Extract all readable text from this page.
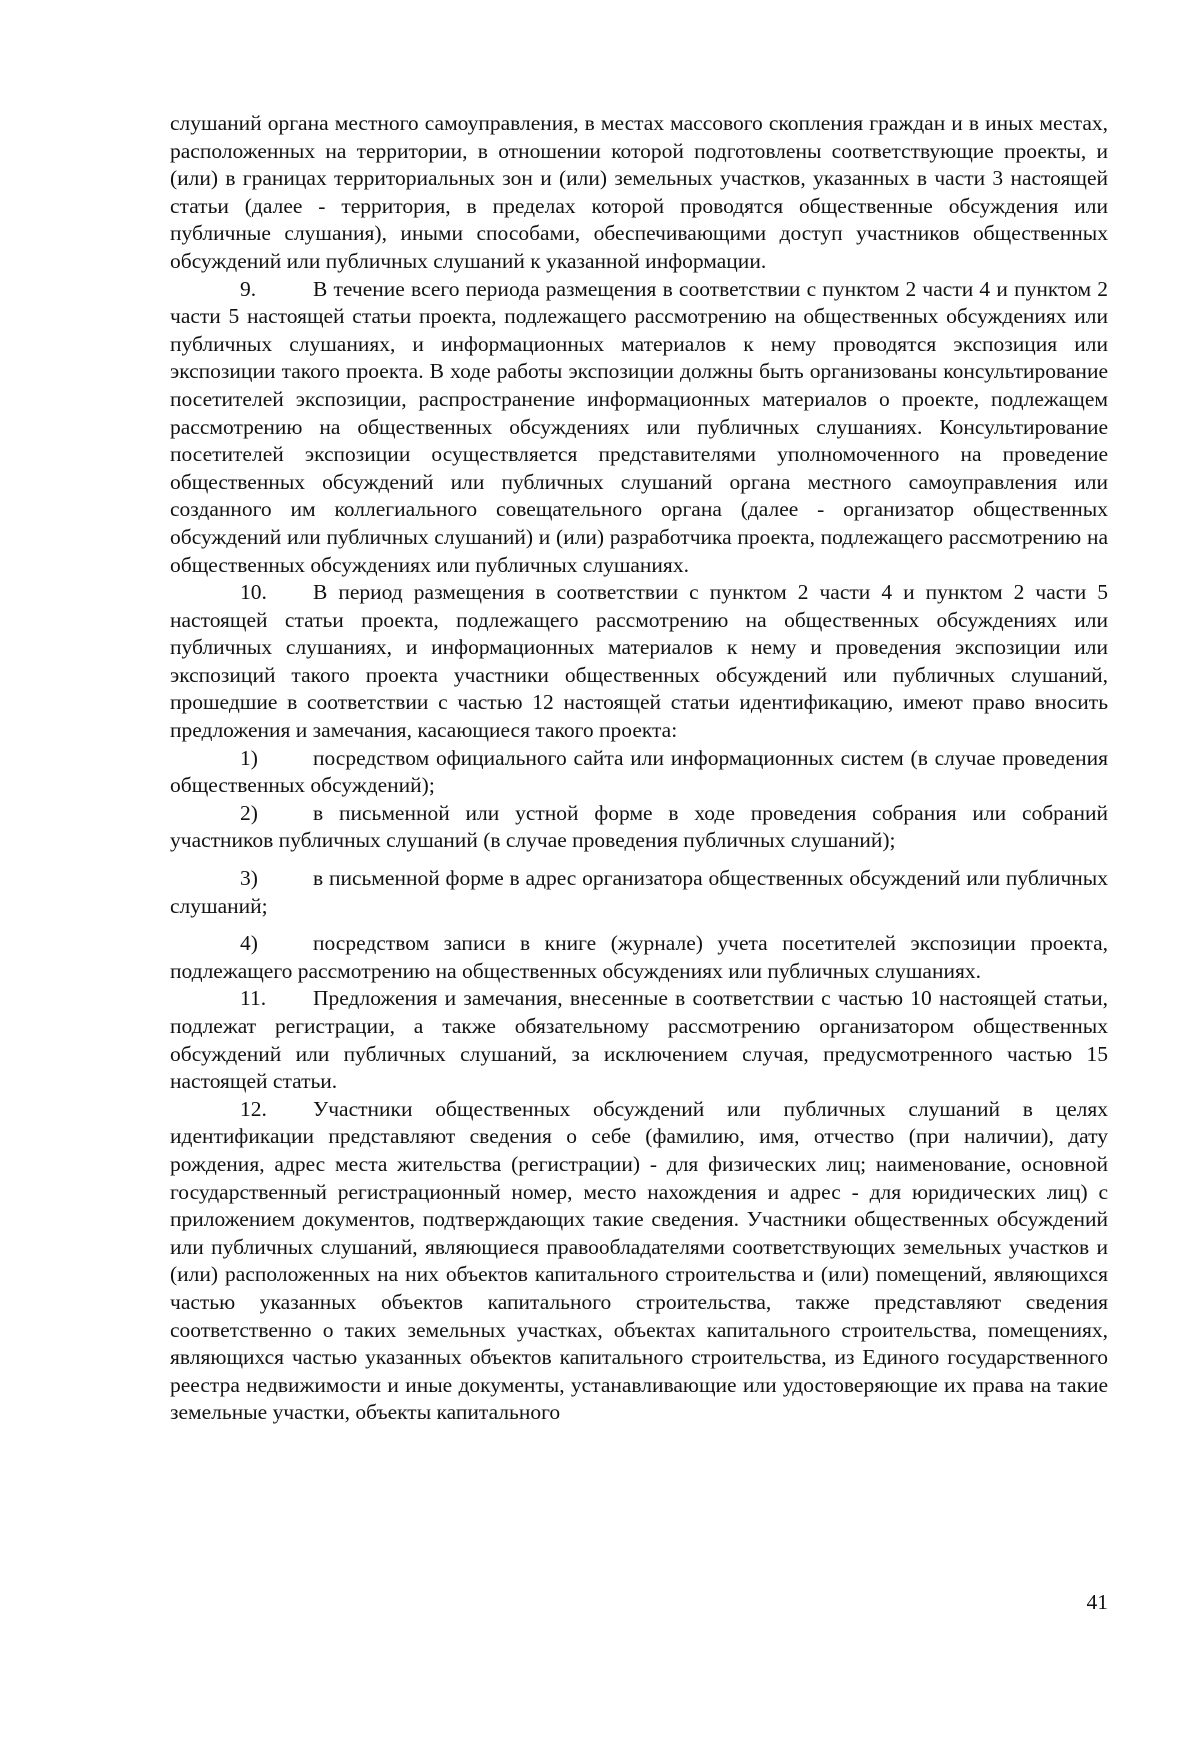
слушаний органа местного самоуправления, в местах массового скопления граждан и в иных местах, расположенных на территории, в отношении которой подготовлены соответствующие проекты, и (или) в границах территориальных зон и (или) земельных участков, указанных в части 3 настоящей статьи (далее - территория, в пределах которой проводятся общественные обсуждения или публичные слушания), иными способами, обеспечивающими доступ участников общественных обсуждений или публичных слушаний к указанной информации.

9.	В течение всего периода размещения в соответствии с пунктом 2 части 4 и пунктом 2 части 5 настоящей статьи проекта, подлежащего рассмотрению на общественных обсуждениях или публичных слушаниях, и информационных материалов к нему проводятся экспозиция или экспозиции такого проекта. В ходе работы экспозиции должны быть организованы консультирование посетителей экспозиции, распространение информационных материалов о проекте, подлежащем рассмотрению на общественных обсуждениях или публичных слушаниях. Консультирование посетителей экспозиции осуществляется представителями уполномоченного на проведение общественных обсуждений или публичных слушаний органа местного самоуправления или созданного им коллегиального совещательного органа (далее - организатор общественных обсуждений или публичных слушаний) и (или) разработчика проекта, подлежащего рассмотрению на общественных обсуждениях или публичных слушаниях.

10. В период размещения в соответствии с пунктом 2 части 4 и пунктом 2 части 5 настоящей статьи проекта, подлежащего рассмотрению на общественных обсуждениях или публичных слушаниях, и информационных материалов к нему и проведения экспозиции или экспозиций такого проекта участники общественных обсуждений или публичных слушаний, прошедшие в соответствии с частью 12 настоящей статьи идентификацию, имеют право вносить предложения и замечания, касающиеся такого проекта:

1)	посредством официального сайта или информационных систем (в случае проведения общественных обсуждений);

2)	в письменной или устной форме в ходе проведения собрания или собраний участников публичных слушаний (в случае проведения публичных слушаний);

3)	в письменной форме в адрес организатора общественных обсуждений или публичных слушаний;

4)	посредством записи в книге (журнале) учета посетителей экспозиции проекта, подлежащего рассмотрению на общественных обсуждениях или публичных слушаниях.

11. Предложения и замечания, внесенные в соответствии с частью 10 настоящей статьи, подлежат регистрации, а также обязательному рассмотрению организатором общественных обсуждений или публичных слушаний, за исключением случая, предусмотренного частью 15 настоящей статьи.

12. Участники общественных обсуждений или публичных слушаний в целях идентификации представляют сведения о себе (фамилию, имя, отчество (при наличии), дату рождения, адрес места жительства (регистрации) - для физических лиц; наименование, основной государственный регистрационный номер, место нахождения и адрес - для юридических лиц) с приложением документов, подтверждающих такие сведения. Участники общественных обсуждений или публичных слушаний, являющиеся правообладателями соответствующих земельных участков и (или) расположенных на них объектов капитального строительства и (или) помещений, являющихся частью указанных объектов капитального строительства, также представляют сведения соответственно о таких земельных участках, объектах капитального строительства, помещениях, являющихся частью указанных объектов капитального строительства, из Единого государственного реестра недвижимости и иные документы, устанавливающие или удостоверяющие их права на такие земельные участки, объекты капитального

41
